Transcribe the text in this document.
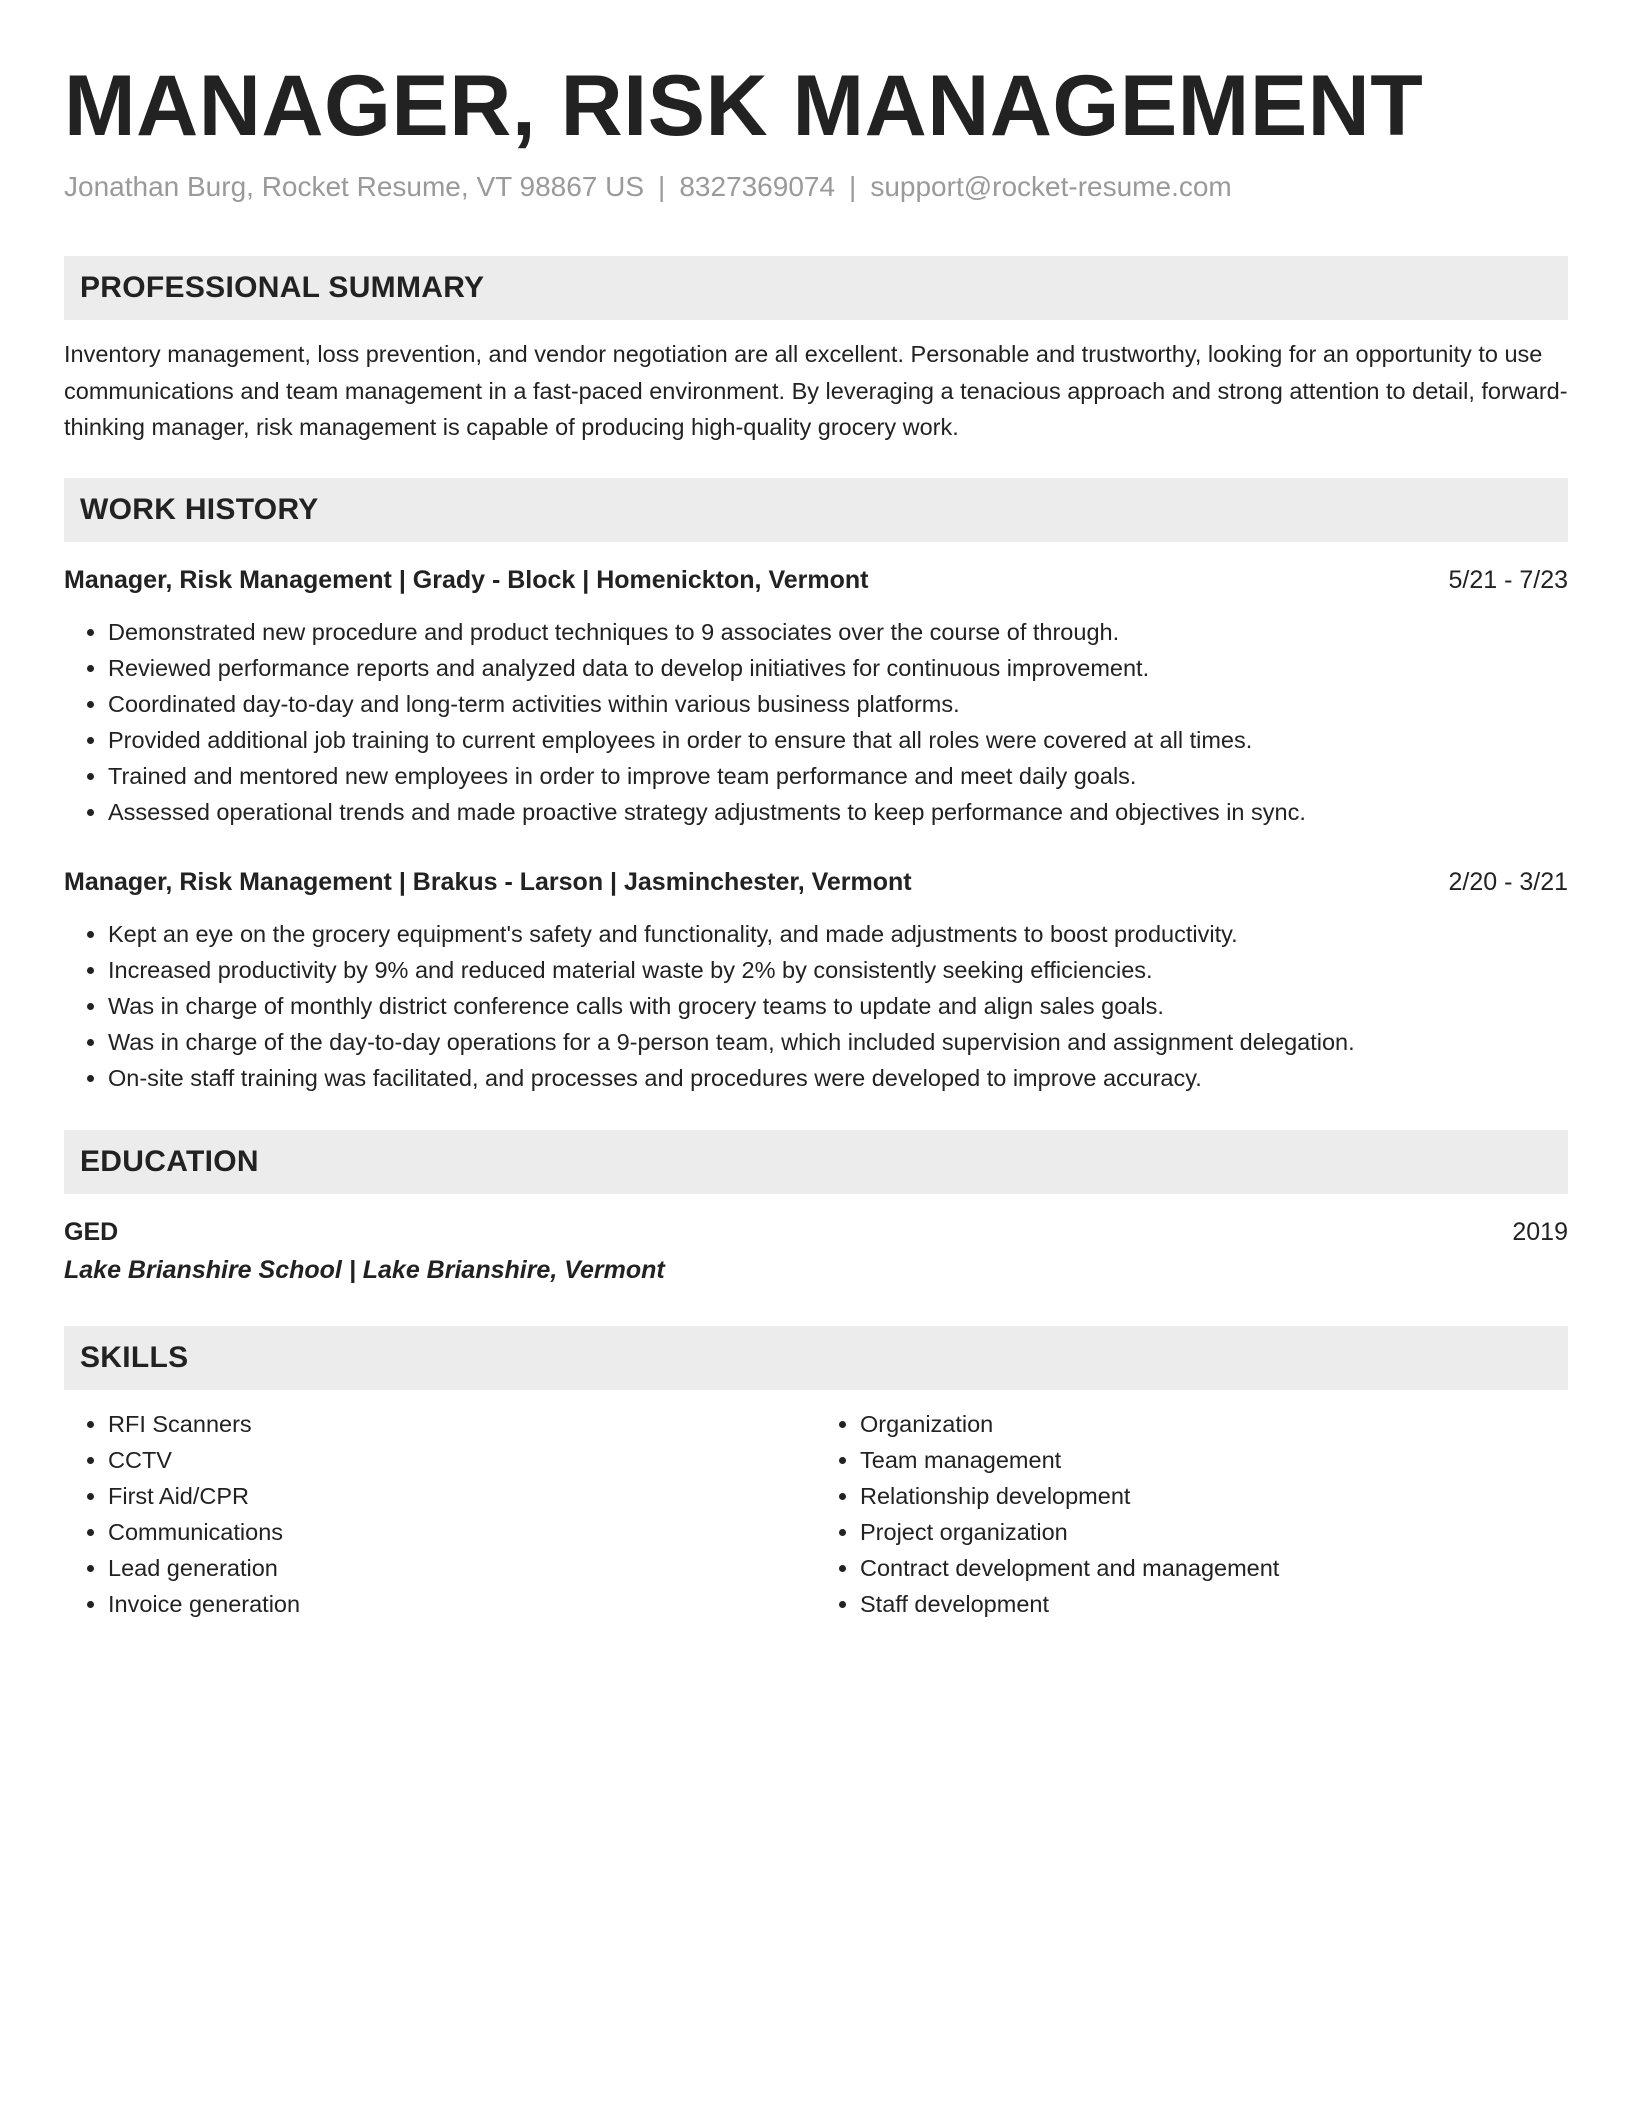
MANAGER, RISK MANAGEMENT
Jonathan Burg, Rocket Resume, VT 98867 US | 8327369074 | support@rocket-resume.com
PROFESSIONAL SUMMARY
Inventory management, loss prevention, and vendor negotiation are all excellent. Personable and trustworthy, looking for an opportunity to use communications and team management in a fast-paced environment. By leveraging a tenacious approach and strong attention to detail, forward-thinking manager, risk management is capable of producing high-quality grocery work.
WORK HISTORY
Manager, Risk Management | Grady - Block | Homenickton, Vermont	5/21 - 7/23
• Demonstrated new procedure and product techniques to 9 associates over the course of through.
• Reviewed performance reports and analyzed data to develop initiatives for continuous improvement.
• Coordinated day-to-day and long-term activities within various business platforms.
• Provided additional job training to current employees in order to ensure that all roles were covered at all times.
• Trained and mentored new employees in order to improve team performance and meet daily goals.
• Assessed operational trends and made proactive strategy adjustments to keep performance and objectives in sync.
Manager, Risk Management | Brakus - Larson | Jasminchester, Vermont	2/20 - 3/21
• Kept an eye on the grocery equipment's safety and functionality, and made adjustments to boost productivity.
• Increased productivity by 9% and reduced material waste by 2% by consistently seeking efficiencies.
• Was in charge of monthly district conference calls with grocery teams to update and align sales goals.
• Was in charge of the day-to-day operations for a 9-person team, which included supervision and assignment delegation.
• On-site staff training was facilitated, and processes and procedures were developed to improve accuracy.
EDUCATION
GED	2019
Lake Brianshire School | Lake Brianshire, Vermont
SKILLS
• RFI Scanners
• CCTV
• First Aid/CPR
• Communications
• Lead generation
• Invoice generation
• Organization
• Team management
• Relationship development
• Project organization
• Contract development and management
• Staff development
